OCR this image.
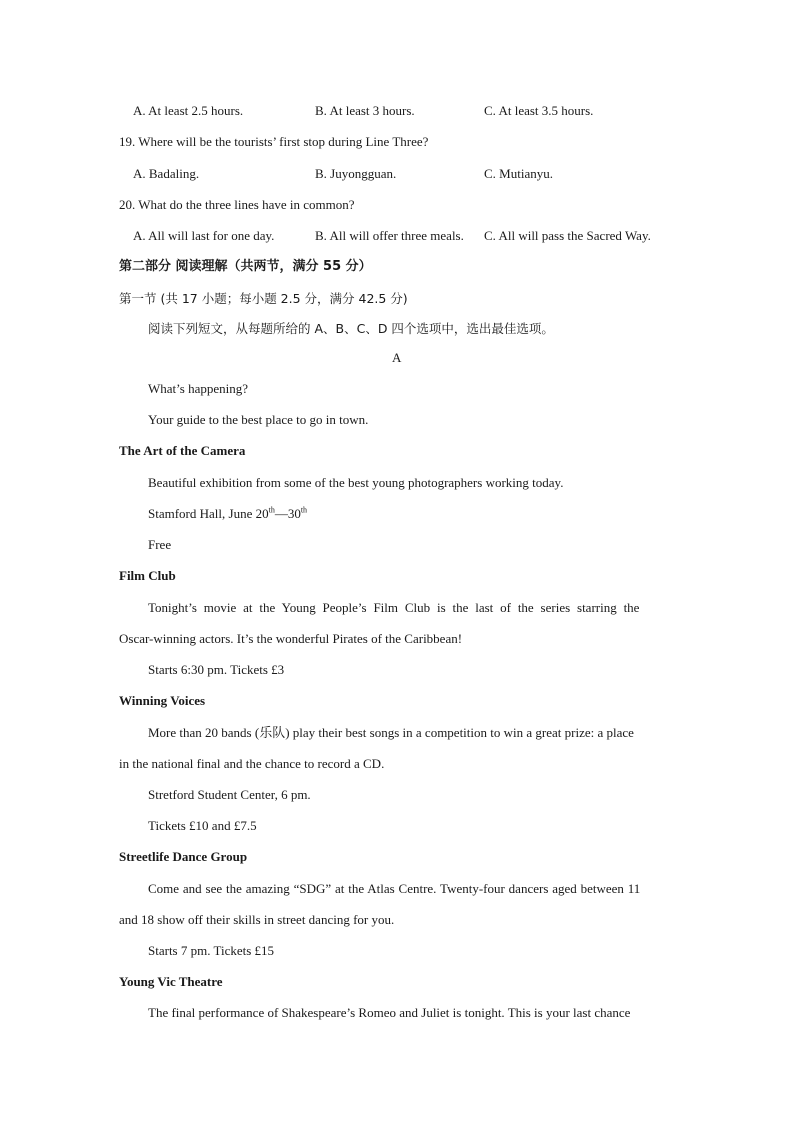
A. At least 2.5 hours.	B. At least 3 hours.	C. At least 3.5 hours.
19. Where will be the tourists’ first stop during Line Three?
A. Badaling.	B. Juyongguan.	C. Mutianyu.
20. What do the three lines have in common?
A. All will last for one day.	B. All will offer three meals. C. All will pass the Sacred Way.
第二部分 阅读理解（共两节，满分 55 分）
第一节 (共 17 小题；每小题 2.5 分，满分 42.5 分)
阅读下列短文，从每题所给的 A、B、C、D 四个选项中，选出最佳选项。
A
What’s happening?
Your guide to the best place to go in town.
The Art of the Camera
Beautiful exhibition from some of the best young photographers working today.
Stamford Hall, June 20th—30th
Free
Film Club
Tonight’s movie at the Young People’s Film Club is the last of the series starring the
Oscar-winning actors. It’s the wonderful Pirates of the Caribbean!
Starts 6:30 pm. Tickets £3
Winning Voices
More than 20 bands (乐队) play their best songs in a competition to win a great prize: a place
in the national final and the chance to record a CD.
Stretford Student Center, 6 pm.
Tickets £10 and £7.5
Streetlife Dance Group
Come and see the amazing “SDG” at the Atlas Centre. Twenty-four dancers aged between 11
and 18 show off their skills in street dancing for you.
Starts 7 pm. Tickets £15
Young Vic Theatre
The final performance of Shakespeare’s Romeo and Juliet is tonight. This is your last chance
